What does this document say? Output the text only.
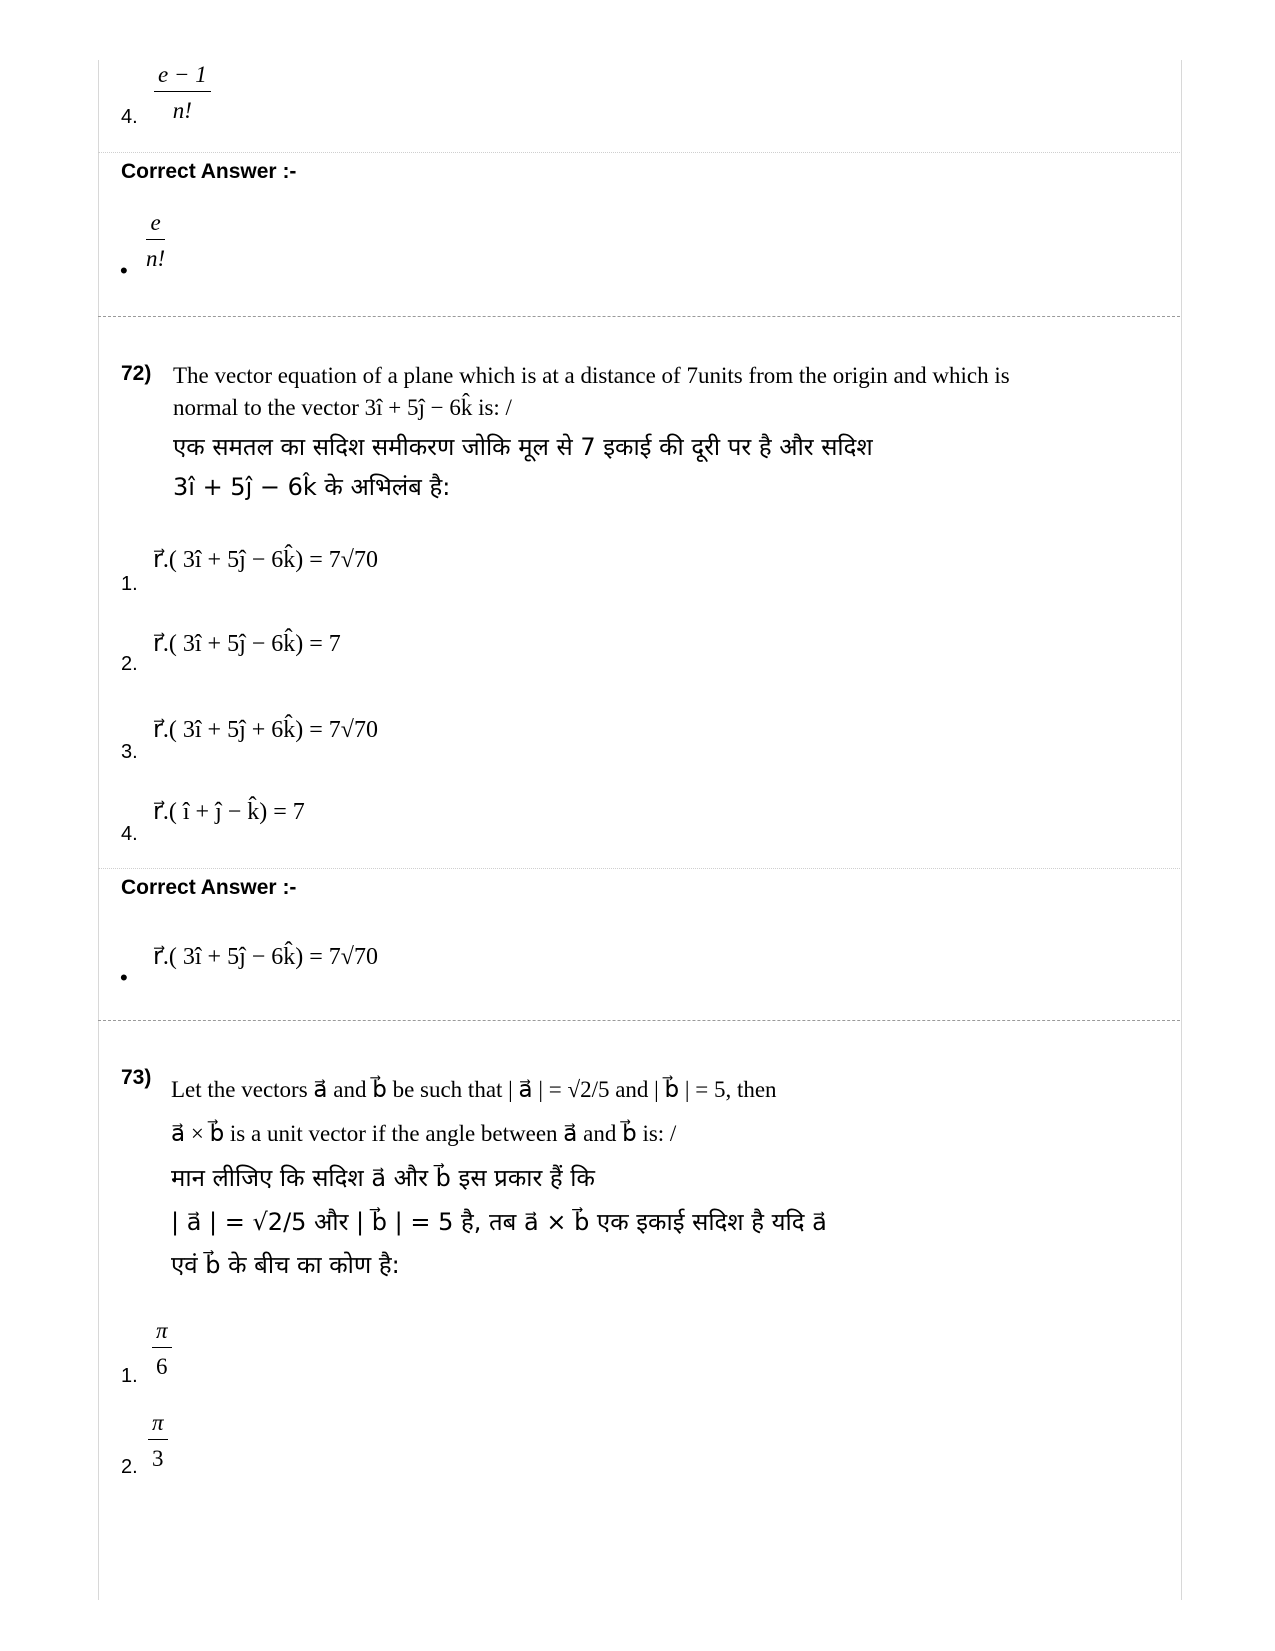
$\frac{e - 1}{n!}$
4.
Correct Answer :-
$\frac{e}{n!}$
•
72) The vector equation of a plane which is at a distance of 7units from the origin and which is
normal to the vector 3î + 5ĵ − 6k̂ is: /
एक समतल का सदिश समीकरण जोकि मूल से 7 इकाई की दूरी पर है और सदिश
3î + 5ĵ − 6k̂ के अभिलंब है:
r⃗.( 3î + 5ĵ − 6k̂) = 7√70
1.
r⃗.( 3î + 5ĵ − 6k̂) = 7
2.
r⃗.( 3î + 5ĵ + 6k̂) = 7√70
3.
r⃗.( î + ĵ − k̂) = 7
4.
Correct Answer :-
r⃗.( 3î + 5ĵ − 6k̂) = 7√70
•
73) Let the vectors a⃗ and b⃗ be such that | a⃗ | = √2/5 and | b⃗ | = 5, then
a⃗ × b⃗ is a unit vector if the angle between a⃗ and b⃗ is: /
मान लीजिए कि सदिश a⃗ और b⃗ इस प्रकार हैं कि
| a⃗ | = √2/5 और | b⃗ | = 5 है, तब a⃗ × b⃗ एक इकाई सदिश है यदि a⃗
एवं b⃗ के बीच का कोण है:
$\frac{\pi}{6}$
1.
$\frac{\pi}{3}$
2.
